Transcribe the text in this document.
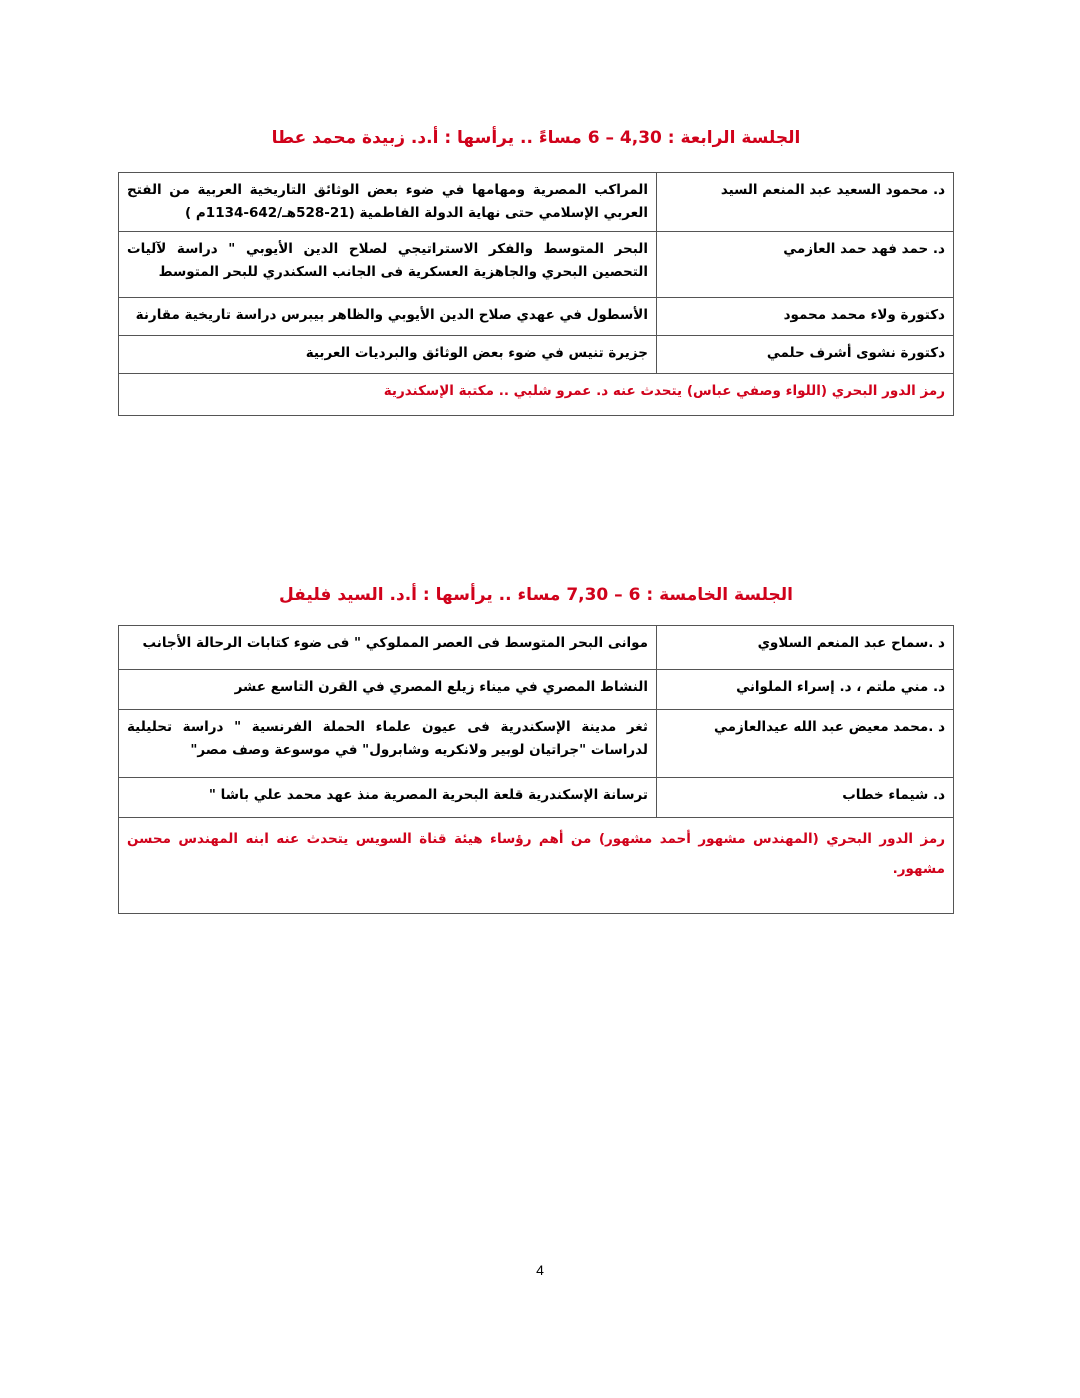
الجلسة الرابعة : 4,30 – 6 مساءً .. يرأسها : أ.د. زبيدة محمد عطا
د. محمود السعيد عبد المنعم السيد	المراكب المصرية ومهامها في ضوء بعض الوثائق التاريخية العربية من الفتح العربي الإسلامي حتى نهاية الدولة الفاطمية (21-528هـ/642-1134م )
د. حمد فهد حمد العازمي	البحر المتوسط والفكر الاستراتيجي لصلاح الدين الأيوبي " دراسة لآليات التحصين البحري والجاهزية العسكرية فى الجانب السكندري للبحر المتوسط
دكتورة ولاء محمد محمود	الأسطول في عهدي صلاح الدين الأيوبي والظاهر بيبرس دراسة تاريخية مقارنة
دكتورة نشوى أشرف حلمي	جزيرة تنيس في ضوء بعض الوثائق والبرديات العربية
رمز الدور البحري (اللواء وصفي عباس) يتحدث عنه د. عمرو شلبي .. مكتبة الإسكندرية	
الجلسة الخامسة : 6 – 7,30 مساء .. يرأسها : أ.د. السيد فليفل
د .سماح عبد المنعم السلاوي	موانى البحر المتوسط فى العصر المملوكي " فى ضوء كتابات الرحالة الأجانب
د. مني ملتم ، د. إسراء الملواني	النشاط المصري في ميناء زيلع المصري في القرن التاسع عشر
د .محمد معيض عبد الله عيدالعازمي	ثغر مدينة الإسكندرية فى عيون علماء الحملة الفرنسية " دراسة تحليلية لدراسات "جراتيان لوبير ولانكريه وشابرول" في موسوعة وصف مصر"
د. شيماء خطاب	ترسانة الإسكندرية قلعة البحرية المصرية منذ عهد محمد علي باشا "
رمز الدور البحري (المهندس مشهور أحمد مشهور) من أهم رؤساء هيئة قناة السويس يتحدث عنه ابنه المهندس محسن مشهور.	
4
